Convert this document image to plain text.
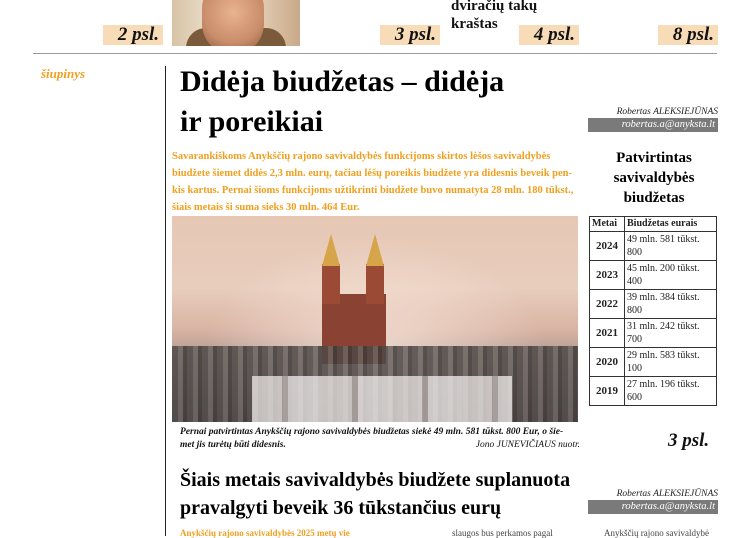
2 psl.	3 psl.
dviračių takų
kraštas	4 psl.	8 psl.
šiupinys	Didėja biudžetas – didėja
ir poreikiai	Robertas ALEKSIEJŪNAS
robertas.a@anyksta.lt
Savarankiškoms Anykščių rajono savivaldybės funkcijoms skirtos lėšos savivaldybės
biudžete šiemet didės 2,3 mln. eurų, tačiau lėšų poreikis biudžete yra didesnis beveik pen-
kis kartus. Pernai šioms funkcijoms užtikrinti biudžete buvo numatyta 28 mln. 180 tūkst.,
šiais metais ši suma sieks 30 mln. 464 Eur.
Pernai patvirtintas Anykščių rajono savivaldybės biudžetas siekė 49 mln. 581 tūkst. 800 Eur, o šie-
met jis turėtų būti didesnis.	Jono JUNEVIČIAUS nuotr.
Patvirtintas
savivaldybės
biudžetas
Metai	Biudžetas eurais
2024	49 mln. 581 tūkst.
800

2023	45 mln. 200 tūkst.
400

2022	39 mln. 384 tūkst.
800

2021	31 mln. 242 tūkst.
700

2020	29 mln. 583 tūkst.
100

2019	27 mln. 196 tūkst.
600
3 psl.
Šiais metais savivaldybės biudžete suplanuota
pravalgyti beveik 36 tūkstančius eurų
Robertas ALEKSIEJŪNAS
robertas.a@anyksta.lt
Anykščių rajono savivaldybės 2025 metų vie	slaugos bus perkamos pagal	Anykščių rajono savivaldybė
